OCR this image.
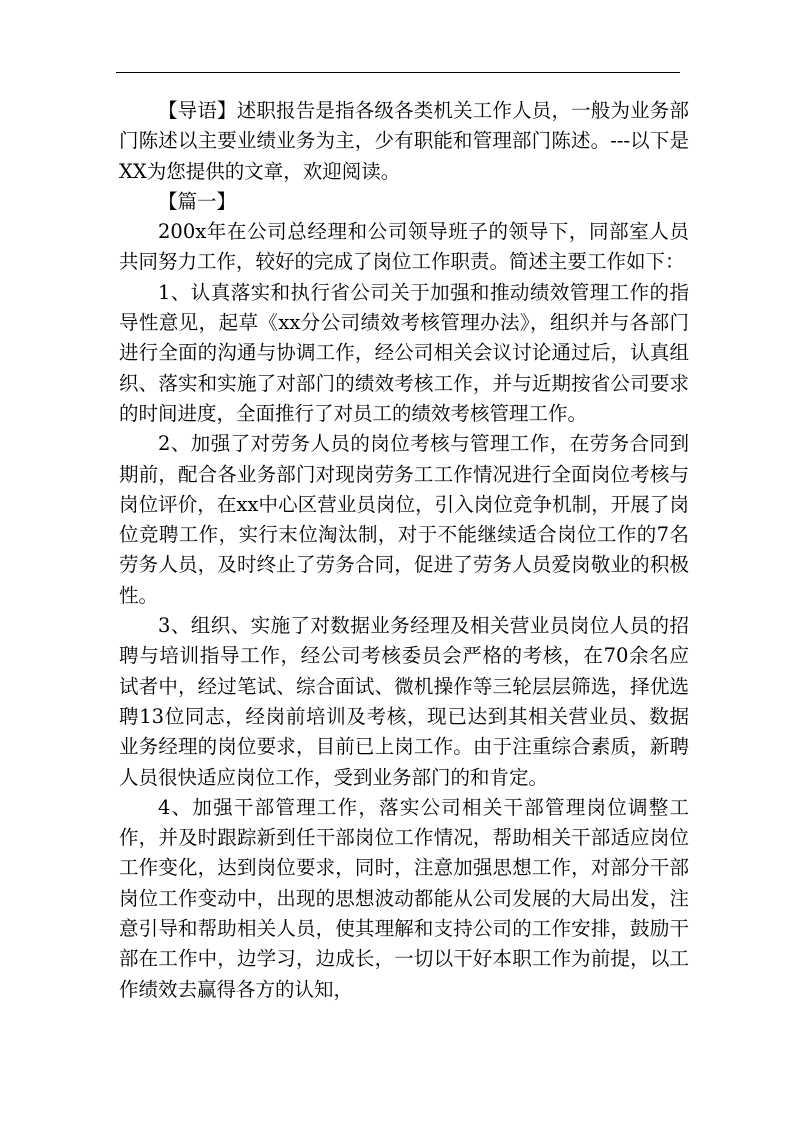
【导语】述职报告是指各级各类机关工作人员，一般为业务部门陈述以主要业绩业务为主，少有职能和管理部门陈述。---以下是XX为您提供的文章，欢迎阅读。

【篇一】

200x年在公司总经理和公司领导班子的领导下，同部室人员共同努力工作，较好的完成了岗位工作职责。简述主要工作如下：

1、认真落实和执行省公司关于加强和推动绩效管理工作的指导性意见，起草《xx分公司绩效考核管理办法》，组织并与各部门进行全面的沟通与协调工作，经公司相关会议讨论通过后，认真组织、落实和实施了对部门的绩效考核工作，并与近期按省公司要求的时间进度，全面推行了对员工的绩效考核管理工作。

2、加强了对劳务人员的岗位考核与管理工作，在劳务合同到期前，配合各业务部门对现岗劳务工工作情况进行全面岗位考核与岗位评价，在xx中心区营业员岗位，引入岗位竞争机制，开展了岗位竞聘工作，实行末位淘汰制，对于不能继续适合岗位工作的7名劳务人员，及时终止了劳务合同，促进了劳务人员爱岗敬业的积极性。

3、组织、实施了对数据业务经理及相关营业员岗位人员的招聘与培训指导工作，经公司考核委员会严格的考核，在70余名应试者中，经过笔试、综合面试、微机操作等三轮层层筛选，择优选聘13位同志，经岗前培训及考核，现已达到其相关营业员、数据业务经理的岗位要求，目前已上岗工作。由于注重综合素质，新聘人员很快适应岗位工作，受到业务部门的和肯定。

4、加强干部管理工作，落实公司相关干部管理岗位调整工作，并及时跟踪新到任干部岗位工作情况，帮助相关干部适应岗位工作变化，达到岗位要求，同时，注意加强思想工作，对部分干部岗位工作变动中，出现的思想波动都能从公司发展的大局出发，注意引导和帮助相关人员，使其理解和支持公司的工作安排，鼓励干部在工作中，边学习，边成长，一切以干好本职工作为前提，以工作绩效去赢得各方的认知，
